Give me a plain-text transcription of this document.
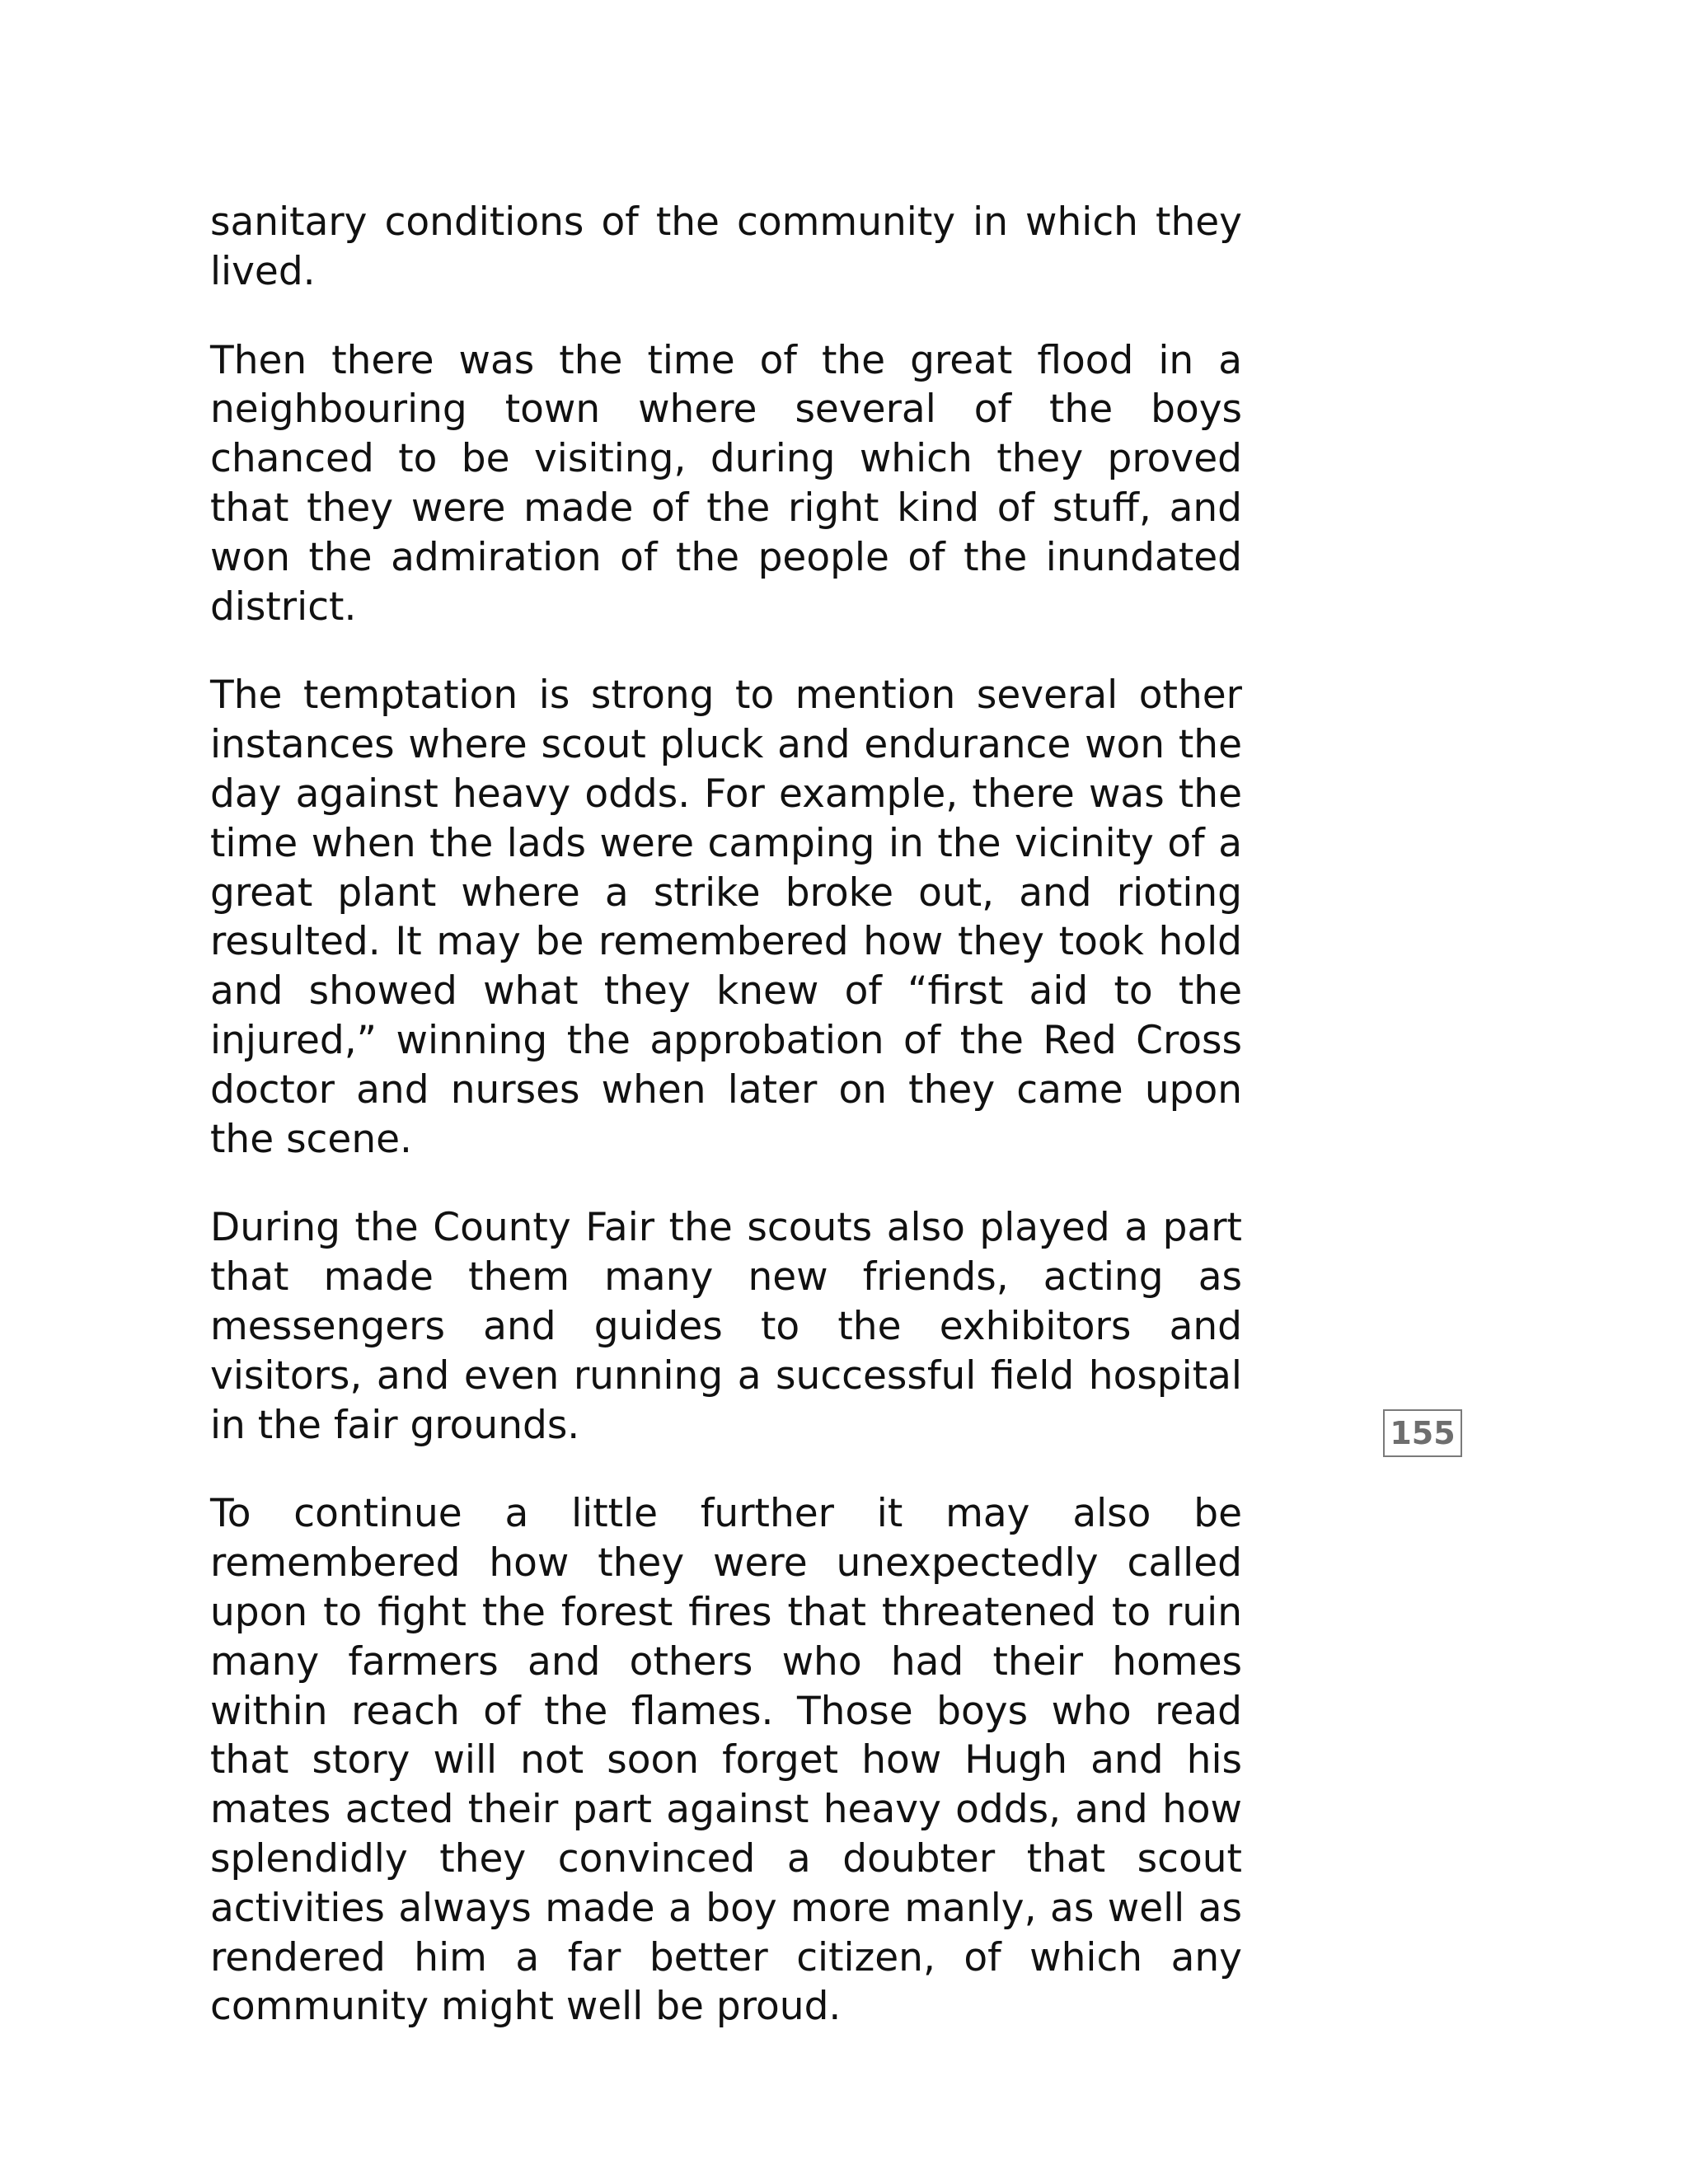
sanitary conditions of the community in which they lived.

Then there was the time of the great flood in a neighbouring town where several of the boys chanced to be visiting, during which they proved that they were made of the right kind of stuff, and won the admiration of the people of the inundated district.

The temptation is strong to mention several other instances where scout pluck and endurance won the day against heavy odds. For example, there was the time when the lads were camping in the vicinity of a great plant where a strike broke out, and rioting resulted. It may be remembered how they took hold and showed what they knew of “first aid to the injured,” winning the approbation of the Red Cross doctor and nurses when later on they came upon the scene.

During the County Fair the scouts also played a part that made them many new friends, acting as messengers and guides to the exhibitors and visitors, and even running a successful field hospital in the fair grounds.

To continue a little further it may also be remembered how they were unexpectedly called upon to fight the forest fires that threatened to ruin many farmers and others who had their homes within reach of the flames. Those boys who read that story will not soon forget how Hugh and his mates acted their part against heavy odds, and how splendidly they convinced a doubter that scout activities always made a boy more manly, as well as rendered him a far better citizen, of which any community might well be proud.

155
